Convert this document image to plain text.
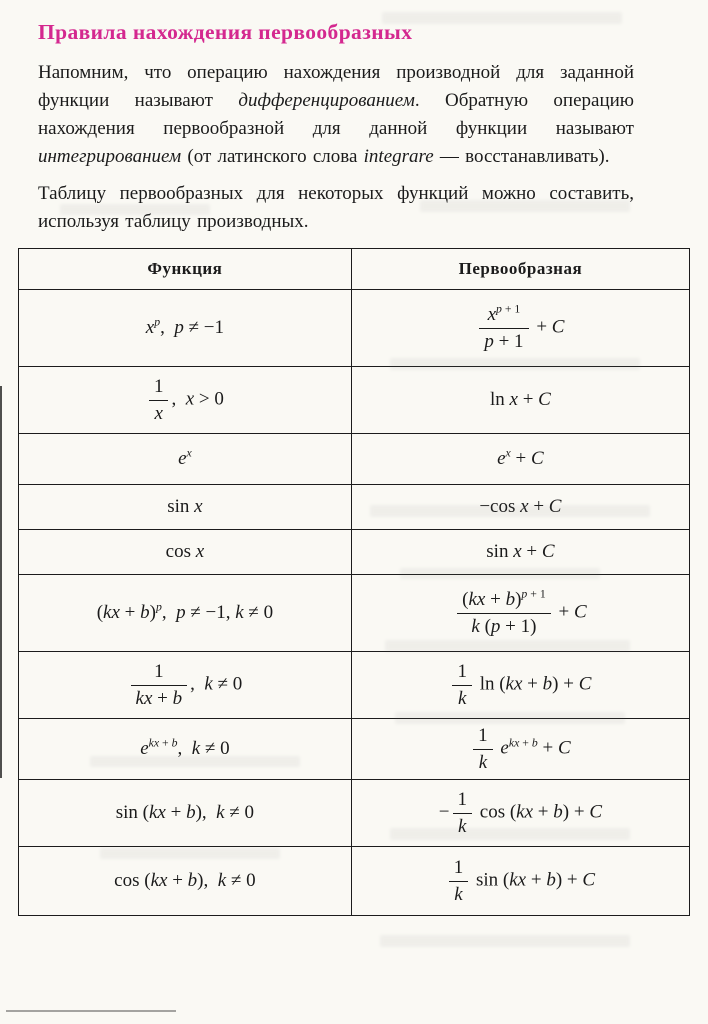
Правила нахождения первообразных

Напомним, что операцию нахождения производной для заданной функции называют дифференцированием. Обратную операцию нахождения первообразной для данной функции называют интегрированием (от латинского слова integrare — восстанавливать).

Таблицу первообразных для некоторых функций можно составить, используя таблицу производных.

Функция	Первообразная
$x^p$,  p ≠ −1	$\frac{x^{p + 1}}{p + 1} + C$

$\frac{1}{x}$ ,  x > 0	ln x + C
$e^x$	$e^x + C$
sin x	−cos x + C
cos x	sin x + C
(kx + b)$^p$,  p ≠ −1, k ≠ 0	$\frac{(kx + b)^{p + 1}}{k (p + 1)} + C$

$\frac{1}{kx + b}$ ,  k ≠ 0	$\frac{1}{k}$ ln (kx + b) + C
$e^{kx + b}$,  k ≠ 0	$\frac{1}{k} e^{kx + b} + C$
sin (kx + b),  k ≠ 0	− $\frac{1}{k}$ cos (kx + b) + C
cos (kx + b),  k ≠ 0	$\frac{1}{k}$ sin (kx + b) + C
